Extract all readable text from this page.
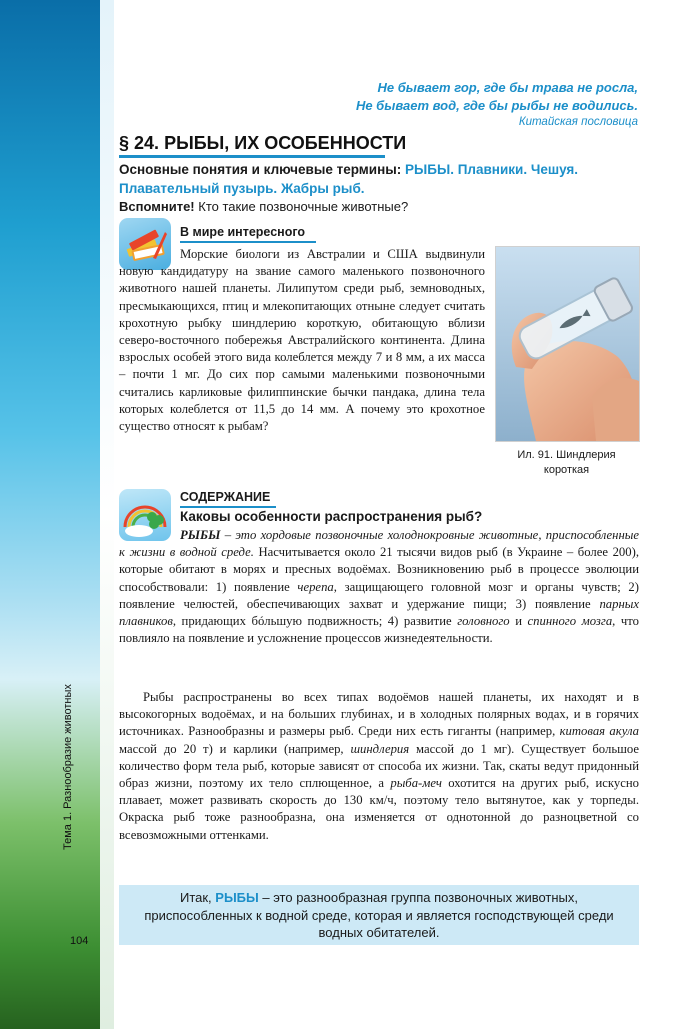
Тема 1. Разнообразие животных
104
Не бывает гор, где бы трава не росла,
Не бывает вод, где бы рыбы не водились.
Китайская пословица
§ 24. РЫБЫ, ИХ ОСОБЕННОСТИ
Основные понятия и ключевые термины: РЫБЫ. Плавники. Чешуя. Плавательный пузырь. Жабры рыб.
Вспомните! Кто такие позвоночные животные?
В мире интересного

Морские биологи из Австралии и США выдвинули новую кандидатуру на звание самого маленького позвоночного животного нашей планеты. Лилипутом среди рыб, земноводных, пресмыкающихся, птиц и млекопитающих отныне следует считать крохотную рыбку шиндлерию короткую, обитающую вблизи северо-восточного побережья Австралийского континента. Длина взрослых особей этого вида колеблется между 7 и 8 мм, а их масса – почти 1 мг. До сих пор самыми маленькими позвоночными считались карликовые филиппинские бычки пандака, длина тела которых колеблется от 11,5 до 14 мм. А почему это крохотное существо относят к рыбам?

Ил. 91. Шиндлерия короткая
СОДЕРЖАНИЕ
Каковы особенности распространения рыб?

РЫБЫ – это хордовые позвоночные холоднокровные животные, приспособленные к жизни в водной среде. Насчитывается около 21 тысячи видов рыб (в Украине – более 200), которые обитают в морях и пресных водоёмах. Возникновению рыб в процессе эволюции способствовали: 1) появление черепа, защищающего головной мозг и органы чувств; 2) появление челюстей, обеспечивающих захват и удержание пищи; 3) появление парных плавников, придающих бóльшую подвижность; 4) развитие головного и спинного мозга, что повлияло на появление и усложнение процессов жизнедеятельности.

Рыбы распространены во всех типах водоёмов нашей планеты, их находят и в высокогорных водоёмах, и на больших глубинах, и в холодных полярных водах, и в горячих источниках. Разнообразны и размеры рыб. Среди них есть гиганты (например, китовая акула массой до 20 т) и карлики (например, шиндлерия массой до 1 мг). Существует большое количество форм тела рыб, которые зависят от способа их жизни. Так, скаты ведут придонный образ жизни, поэтому их тело сплющенное, а рыба-меч охотится на других рыб, искусно плавает, может развивать скорость до 130 км/ч, поэтому тело вытянутое, как у торпеды. Окраска рыб тоже разнообразна, она изменяется от однотонной до разноцветной со всевозможными оттенками.

Итак, РЫБЫ – это разнообразная группа позвоночных животных, приспособленных к водной среде, которая и является господствующей среди водных обитателей.
